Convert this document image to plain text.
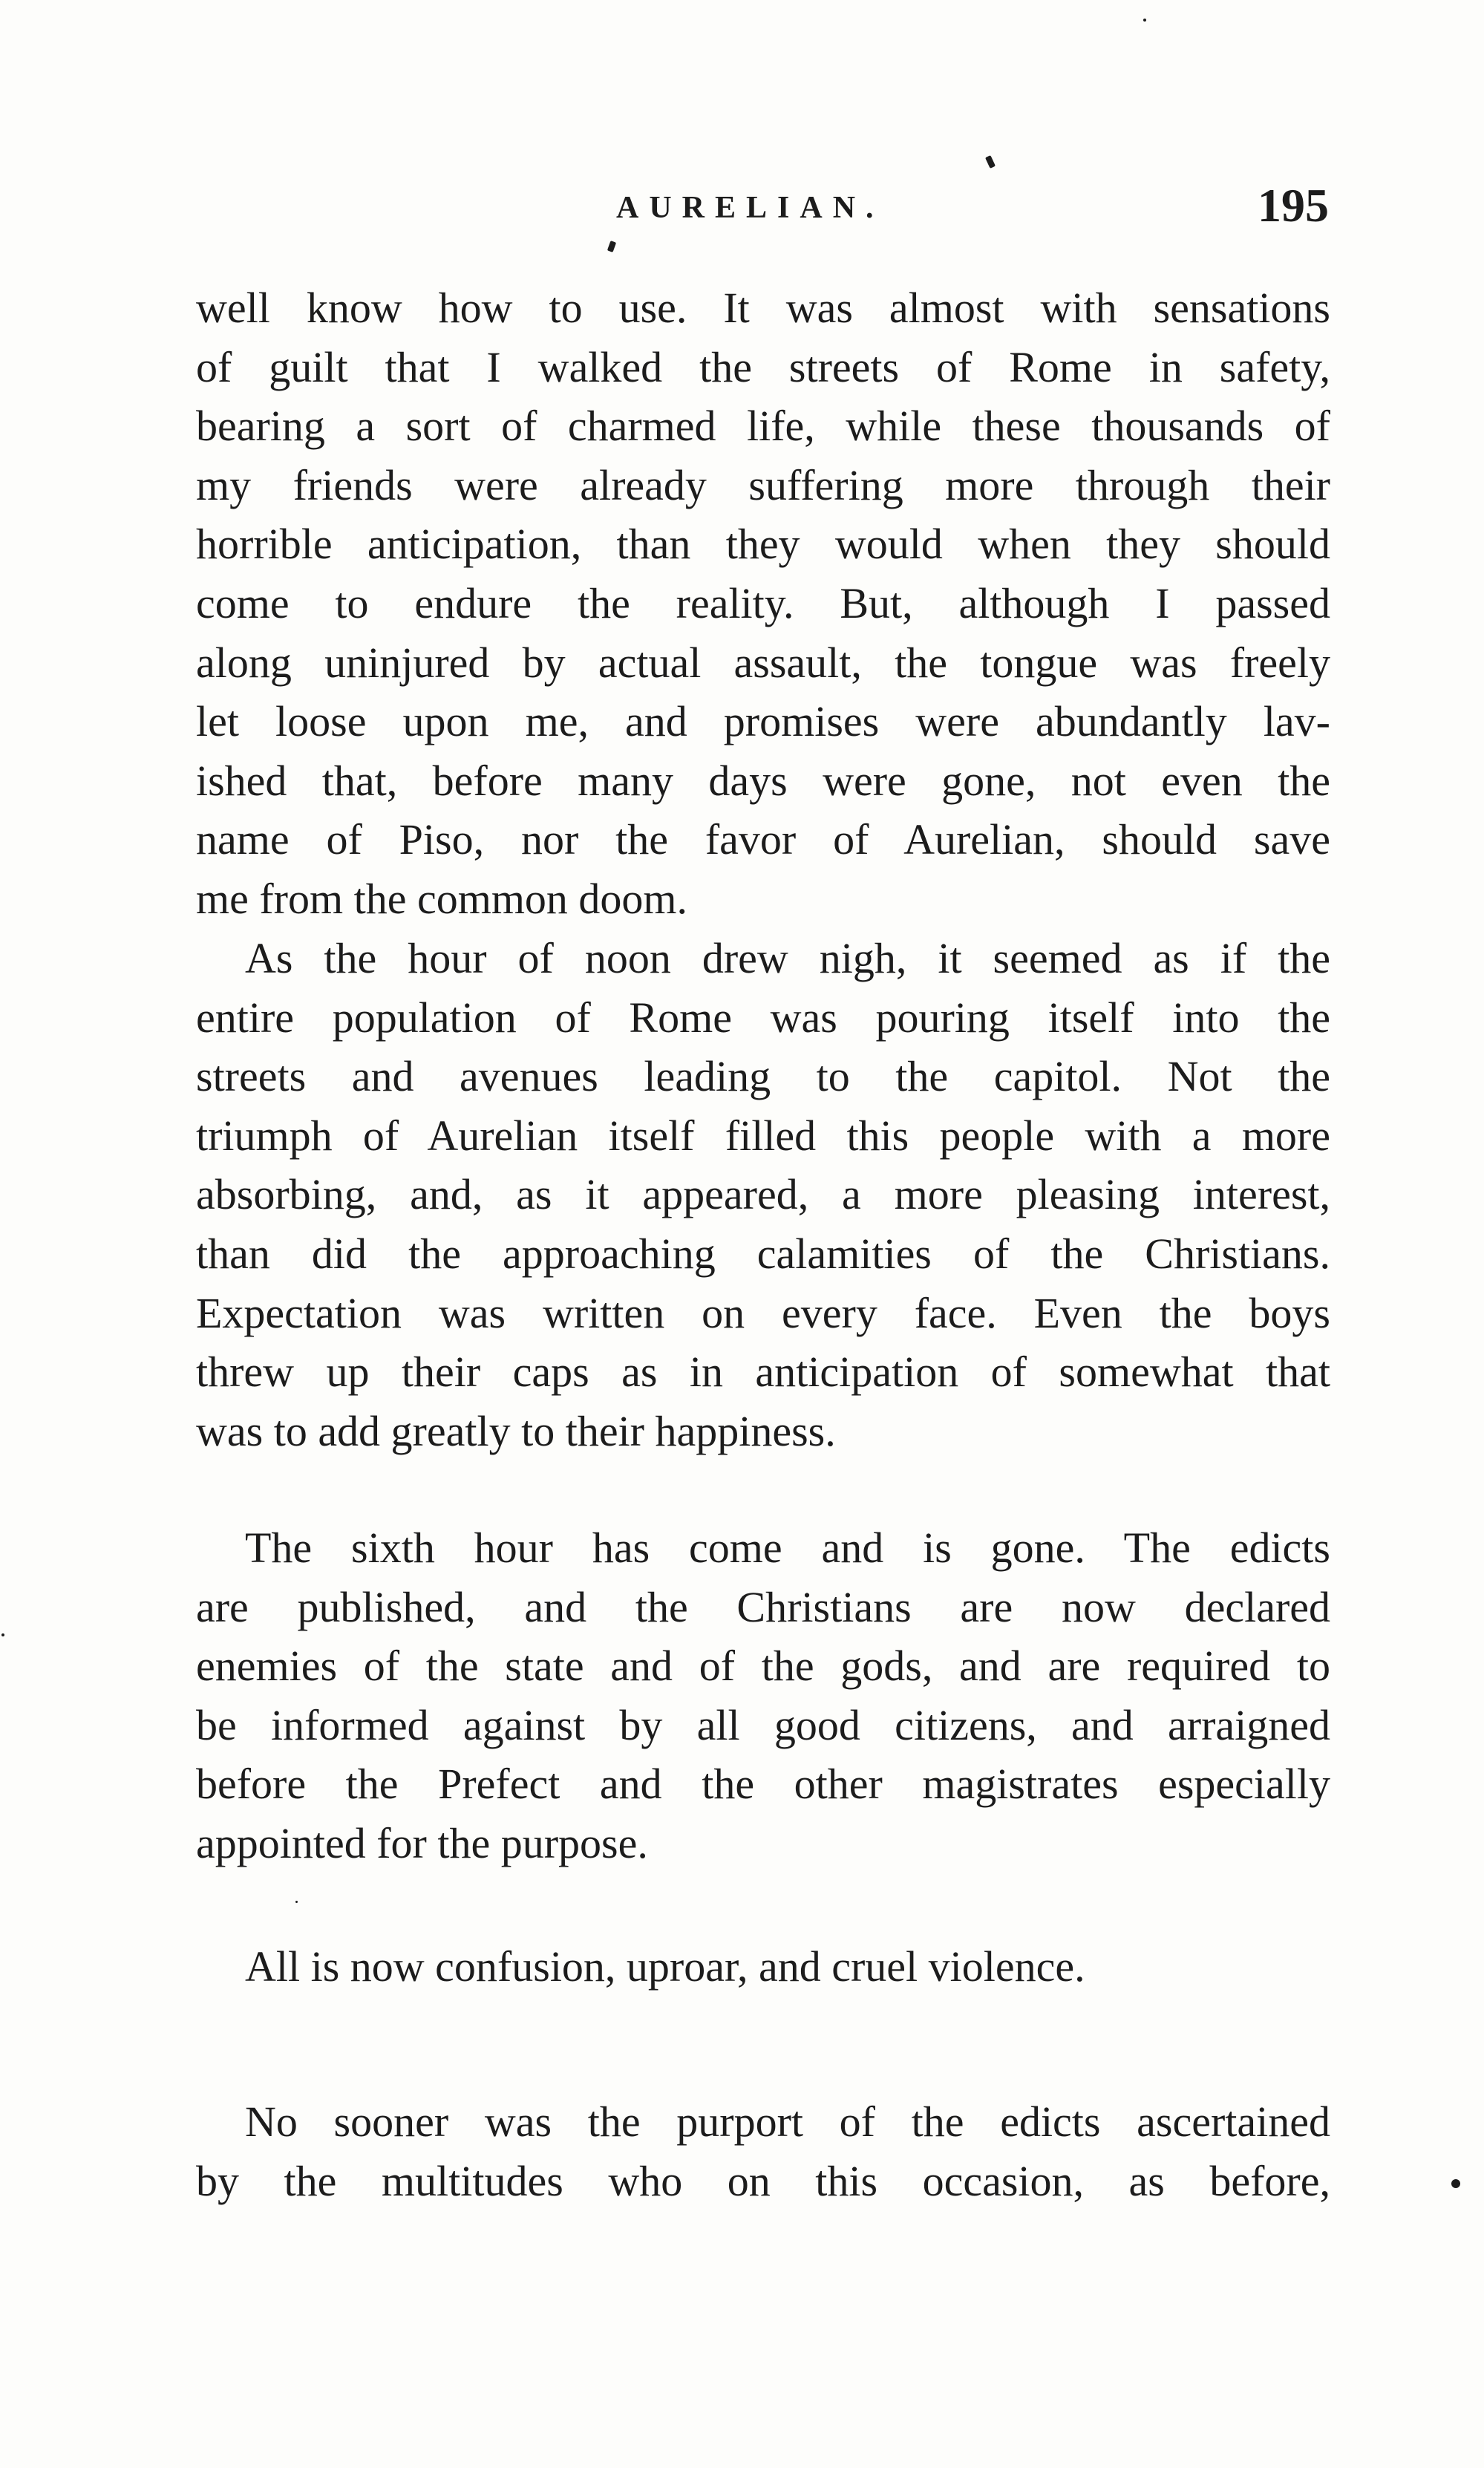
AURELIAN.	195

well know how to use. It was almost with sensations
of guilt that I walked the streets of Rome in safety,
bearing a sort of charmed life, while these thousands of
my friends were already suffering more through their
horrible anticipation, than they would when they should
come to endure the reality. But, although I passed
along uninjured by actual assault, the tongue was freely
let loose upon me, and promises were abundantly lav-
ished that, before many days were gone, not even the
name of Piso, nor the favor of Aurelian, should save
me from the common doom.

As the hour of noon drew nigh, it seemed as if the
entire population of Rome was pouring itself into the
streets and avenues leading to the capitol. Not the
triumph of Aurelian itself filled this people with a more
absorbing, and, as it appeared, a more pleasing interest,
than did the approaching calamities of the Christians.
Expectation was written on every face. Even the boys
threw up their caps as in anticipation of somewhat that
was to add greatly to their happiness.

The sixth hour has come and is gone. The edicts
are published, and the Christians are now declared
enemies of the state and of the gods, and are required to
be informed against by all good citizens, and arraigned
before the Prefect and the other magistrates especially
appointed for the purpose.

All is now confusion, uproar, and cruel violence.

No sooner was the purport of the edicts ascertained
by the multitudes who on this occasion, as before,
